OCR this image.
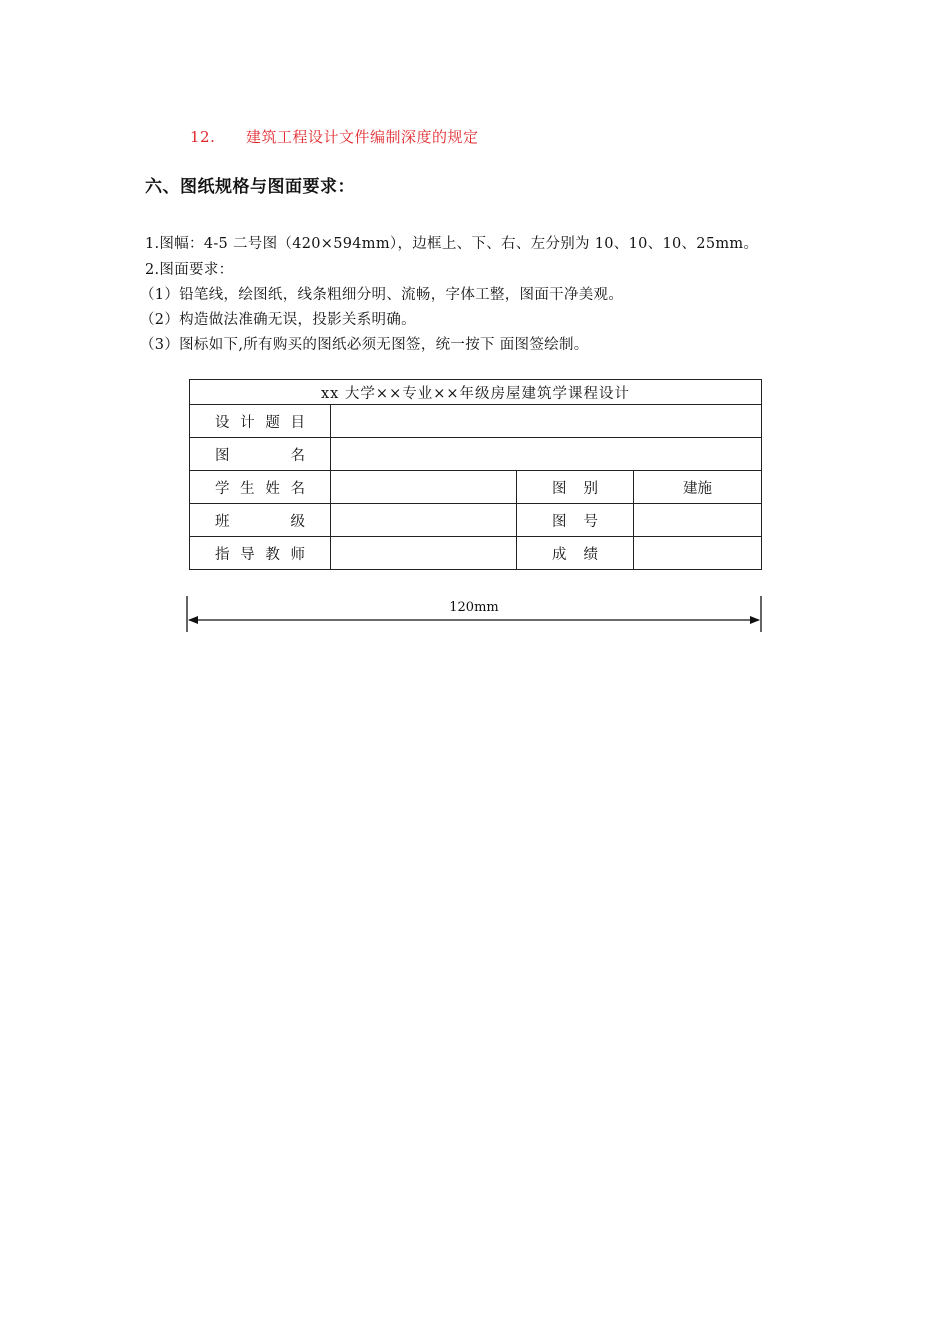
12. 建筑工程设计文件编制深度的规定
六、图纸规格与图面要求：
1.图幅：4-5 二号图（420×594mm），边框上、下、右、左分别为 10、10、10、25mm。
2.图面要求：
（1）铅笔线，绘图纸，线条粗细分明、流畅，字体工整，图面干净美观。
（2）构造做法准确无误，投影关系明确。
（3）图标如下,所有购买的图纸必须无图签，统一按下 面图签绘制。
xx 大学××专业××年级房屋建筑学课程设计			

设 计 题 目			

图 名			

学 生 姓 名		图 别	建施

班 级		图 号	

指 导 教 师		成 绩	

120mm
